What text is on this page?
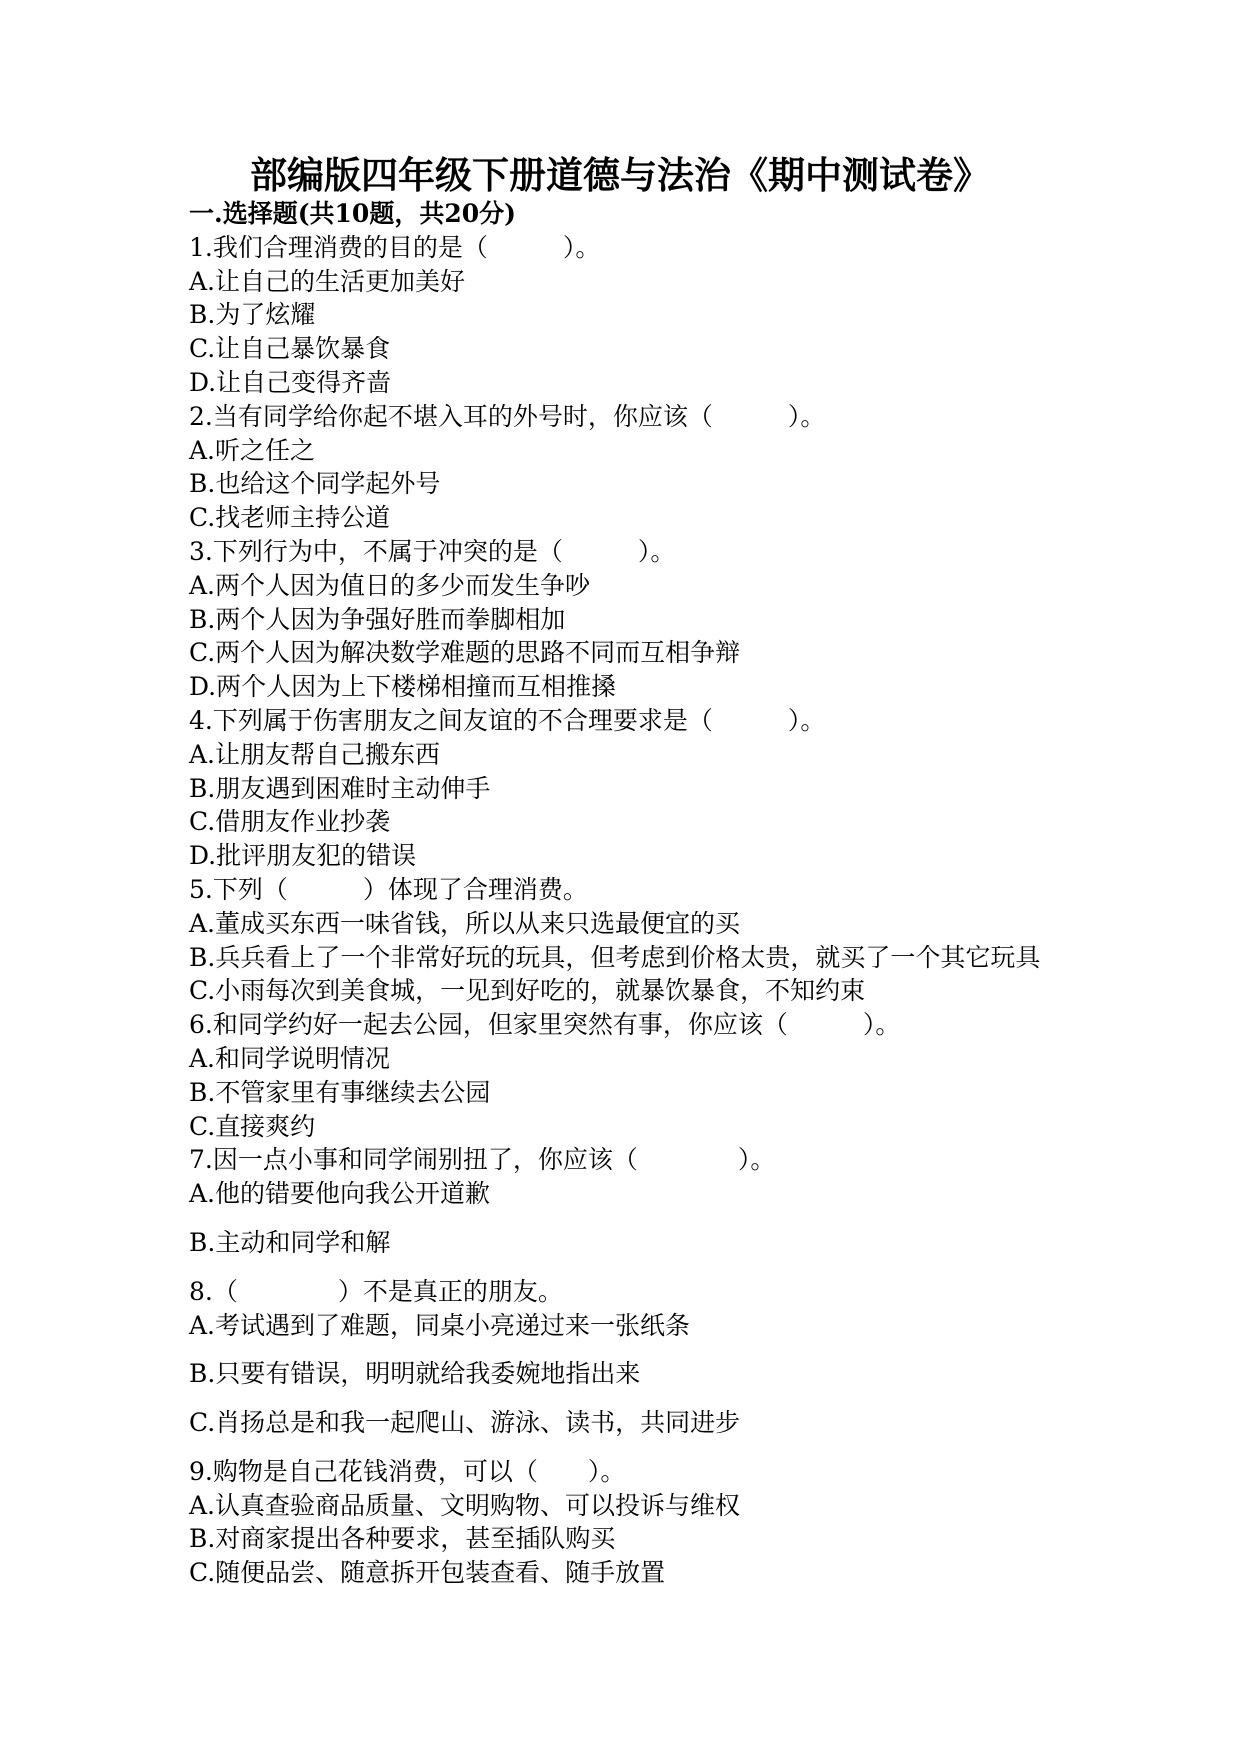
部编版四年级下册道德与法治《期中测试卷》
一.选择题(共10题，共20分)
1.我们合理消费的目的是（　　　）。
A.让自己的生活更加美好
B.为了炫耀
C.让自己暴饮暴食
D.让自己变得齐啬
2.当有同学给你起不堪入耳的外号时，你应该（　　　）。
A.听之任之
B.也给这个同学起外号
C.找老师主持公道
3.下列行为中，不属于冲突的是（　　　）。
A.两个人因为值日的多少而发生争吵
B.两个人因为争强好胜而拳脚相加
C.两个人因为解决数学难题的思路不同而互相争辩
D.两个人因为上下楼梯相撞而互相推搡
4.下列属于伤害朋友之间友谊的不合理要求是（　　　）。
A.让朋友帮自己搬东西
B.朋友遇到困难时主动伸手
C.借朋友作业抄袭
D.批评朋友犯的错误
5.下列（　　　）体现了合理消费。
A.董成买东西一味省钱，所以从来只选最便宜的买
B.兵兵看上了一个非常好玩的玩具，但考虑到价格太贵，就买了一个其它玩具
C.小雨每次到美食城，一见到好吃的，就暴饮暴食，不知约束
6.和同学约好一起去公园，但家里突然有事，你应该（　　　）。
A.和同学说明情况
B.不管家里有事继续去公园
C.直接爽约
7.因一点小事和同学闹别扭了，你应该（　　　　）。
A.他的错要他向我公开道歉
B.主动和同学和解
8.（　　　　）不是真正的朋友。
A.考试遇到了难题，同桌小亮递过来一张纸条
B.只要有错误，明明就给我委婉地指出来
C.肖扬总是和我一起爬山、游泳、读书，共同进步
9.购物是自己花钱消费，可以（　　）。
A.认真查验商品质量、文明购物、可以投诉与维权
B.对商家提出各种要求，甚至插队购买
C.随便品尝、随意拆开包装查看、随手放置
